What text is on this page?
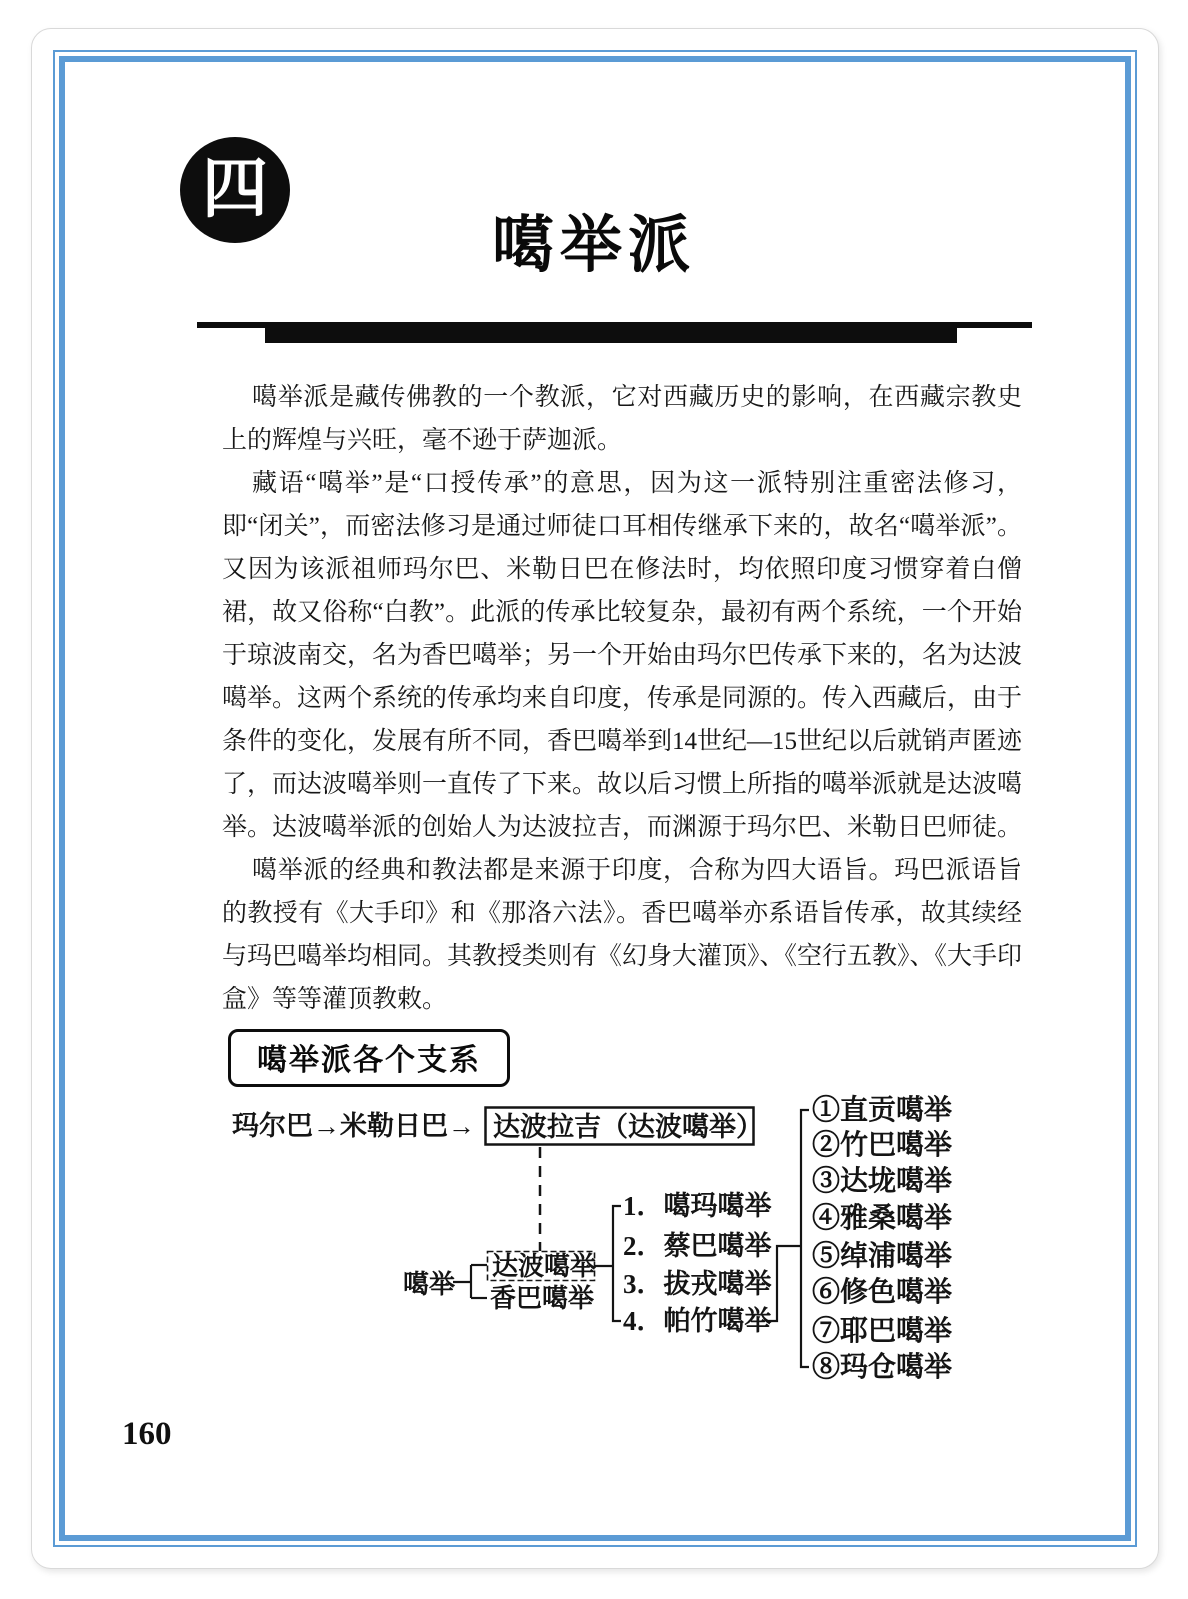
四
噶举派

噶举派是藏传佛教的一个教派，它对西藏历史的影响，在西藏宗教史上的辉煌与兴旺，毫不逊于萨迦派。

藏语“噶举”是“口授传承”的意思，因为这一派特别注重密法修习，即“闭关”，而密法修习是通过师徒口耳相传继承下来的，故名“噶举派”。又因为该派祖师玛尔巴、米勒日巴在修法时，均依照印度习惯穿着白僧裙，故又俗称“白教”。此派的传承比较复杂，最初有两个系统，一个开始于琼波南交，名为香巴噶举；另一个开始由玛尔巴传承下来的，名为达波噶举。这两个系统的传承均来自印度，传承是同源的。传入西藏后，由于条件的变化，发展有所不同，香巴噶举到14世纪—15世纪以后就销声匿迹了，而达波噶举则一直传了下来。故以后习惯上所指的噶举派就是达波噶举。达波噶举派的创始人为达波拉吉，而渊源于玛尔巴、米勒日巴师徒。

噶举派的经典和教法都是来源于印度，合称为四大语旨。玛巴派语旨的教授有《大手印》和《那洛六法》。香巴噶举亦系语旨传承，故其续经与玛巴噶举均相同。其教授类则有《幻身大灌顶》、《空行五教》、《大手印盒》等等灌顶教敕。

噶举派各个支系
玛尔巴→米勒日巴→ 达波拉吉（达波噶举）
噶举
达波噶举
香巴噶举
1．噶玛噶举
2．蔡巴噶举
3．拔戎噶举
4．帕竹噶举
①直贡噶举
②竹巴噶举
③达垅噶举
④雅桑噶举
⑤绰浦噶举
⑥修色噶举
⑦耶巴噶举
⑧玛仓噶举
160
